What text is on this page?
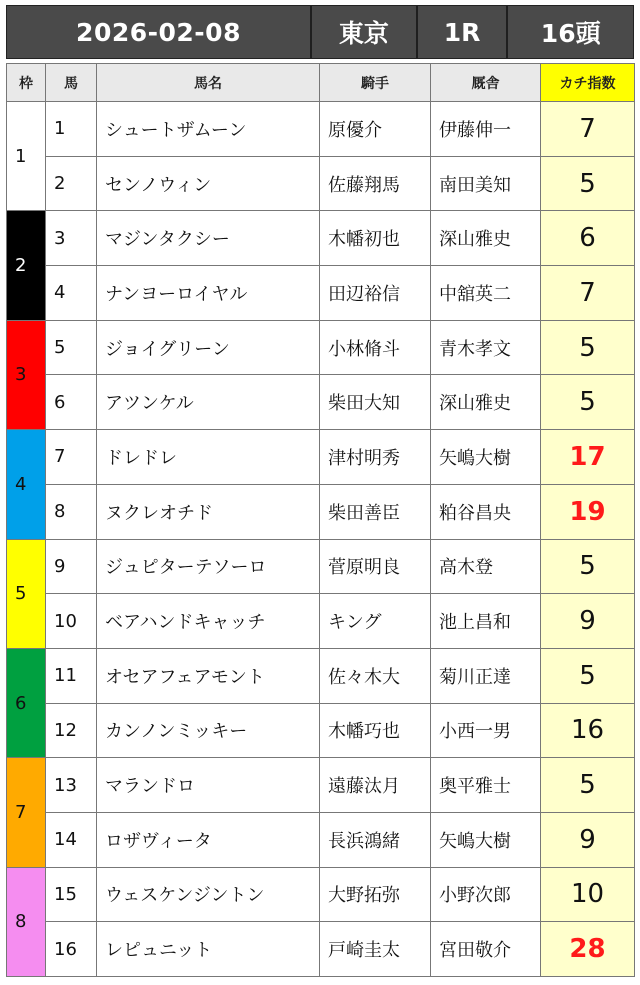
2026-02-08	東京	1R	16頭
枠	馬	馬名	騎手	厩舎	カチ指数
1	1	シュートザムーン	原優介	伊藤伸一	7
	2	センノウィン	佐藤翔馬	南田美知	5
2	3	マジンタクシー	木幡初也	深山雅史	6
	4	ナンヨーロイヤル	田辺裕信	中舘英二	7
3	5	ジョイグリーン	小林脩斗	青木孝文	5
	6	アツンケル	柴田大知	深山雅史	5
4	7	ドレドレ	津村明秀	矢嶋大樹	17
	8	ヌクレオチド	柴田善臣	粕谷昌央	19
5	9	ジュピターテソーロ	菅原明良	高木登	5
	10	ベアハンドキャッチ	キング	池上昌和	9
6	11	オセアフェアモント	佐々木大	菊川正達	5
	12	カンノンミッキー	木幡巧也	小西一男	16
7	13	マランドロ	遠藤汰月	奥平雅士	5
	14	ロザヴィータ	長浜鴻緒	矢嶋大樹	9
8	15	ウェスケンジントン	大野拓弥	小野次郎	10
	16	レピュニット	戸崎圭太	宮田敬介	28
